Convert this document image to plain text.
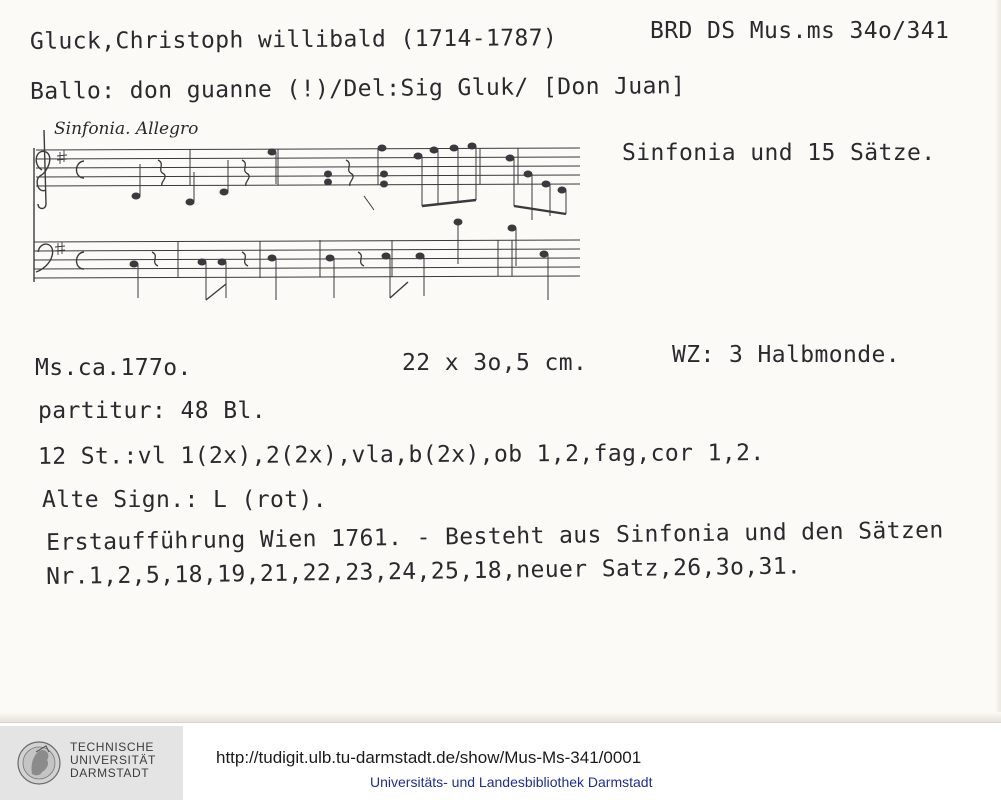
Gluck,Christoph willibald (1714-1787)	BRD DS Mus.ms 34o/341
Ballo: don guanne (!)/Del:Sig Gluk/ [Don Juan]
Sinfonia. Allegro
Sinfonia und 15 Sätze.
Ms.ca.177o.	22 x 3o,5 cm.	WZ: 3 Halbmonde.
partitur: 48 Bl.
12 St.:vl 1(2x),2(2x),vla,b(2x),ob 1,2,fag,cor 1,2.
Alte Sign.: L (rot).
Erstaufführung Wien 1761. - Besteht aus Sinfonia und den Sätzen
Nr.1,2,5,18,19,21,22,23,24,25,18,neuer Satz,26,3o,31.
TECHNISCHE
UNIVERSITÄT
DARMSTADT
http://tudigit.ulb.tu-darmstadt.de/show/Mus-Ms-341/0001
Universitäts- und Landesbibliothek Darmstadt
